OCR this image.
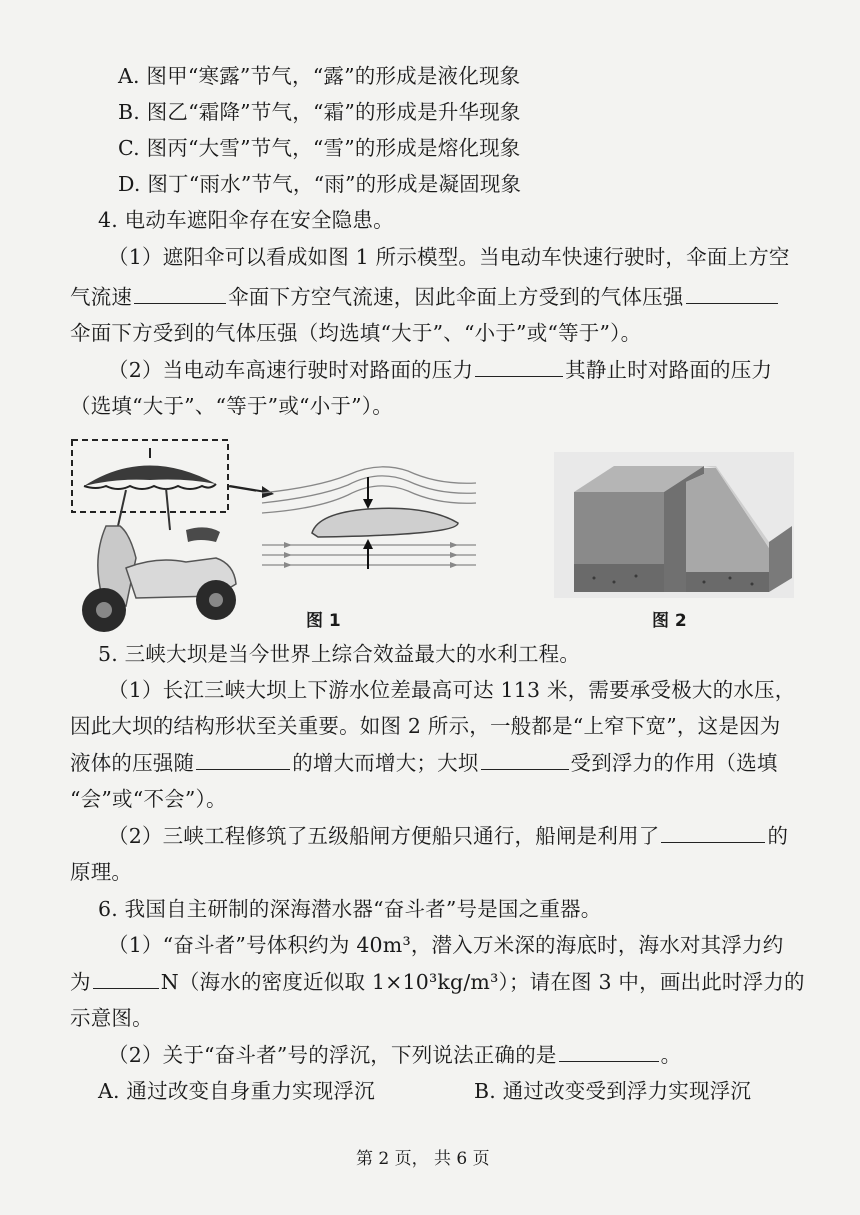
A. 图甲“寒露”节气，“露”的形成是液化现象
B. 图乙“霜降”节气，“霜”的形成是升华现象
C. 图丙“大雪”节气，“雪”的形成是熔化现象
D. 图丁“雨水”节气，“雨”的形成是凝固现象
4. 电动车遮阳伞存在安全隐患。
（1）遮阳伞可以看成如图 1 所示模型。当电动车快速行驶时，伞面上方空
气流速	伞面下方空气流速，因此伞面上方受到的气体压强
伞面下方受到的气体压强（均选填“大于”、“小于”或“等于”）。
（2）当电动车高速行驶时对路面的压力	其静止时对路面的压力
（选填“大于”、“等于”或“小于”）。
图 1	图 2
5. 三峡大坝是当今世界上综合效益最大的水利工程。
（1）长江三峡大坝上下游水位差最高可达 113 米，需要承受极大的水压，
因此大坝的结构形状至关重要。如图 2 所示，一般都是“上窄下宽”，这是因为
液体的压强随	的增大而增大；大坝	受到浮力的作用（选填
“会”或“不会”）。
（2）三峡工程修筑了五级船闸方便船只通行，船闸是利用了	的
原理。
6. 我国自主研制的深海潜水器“奋斗者”号是国之重器。
（1）“奋斗者”号体积约为 40m³，潜入万米深的海底时，海水对其浮力约
为	N（海水的密度近似取 1×10³kg/m³）；请在图 3 中，画出此时浮力的
示意图。
（2）关于“奋斗者”号的浮沉，下列说法正确的是	。
A. 通过改变自身重力实现浮沉	B. 通过改变受到浮力实现浮沉
第 2 页， 共 6 页
